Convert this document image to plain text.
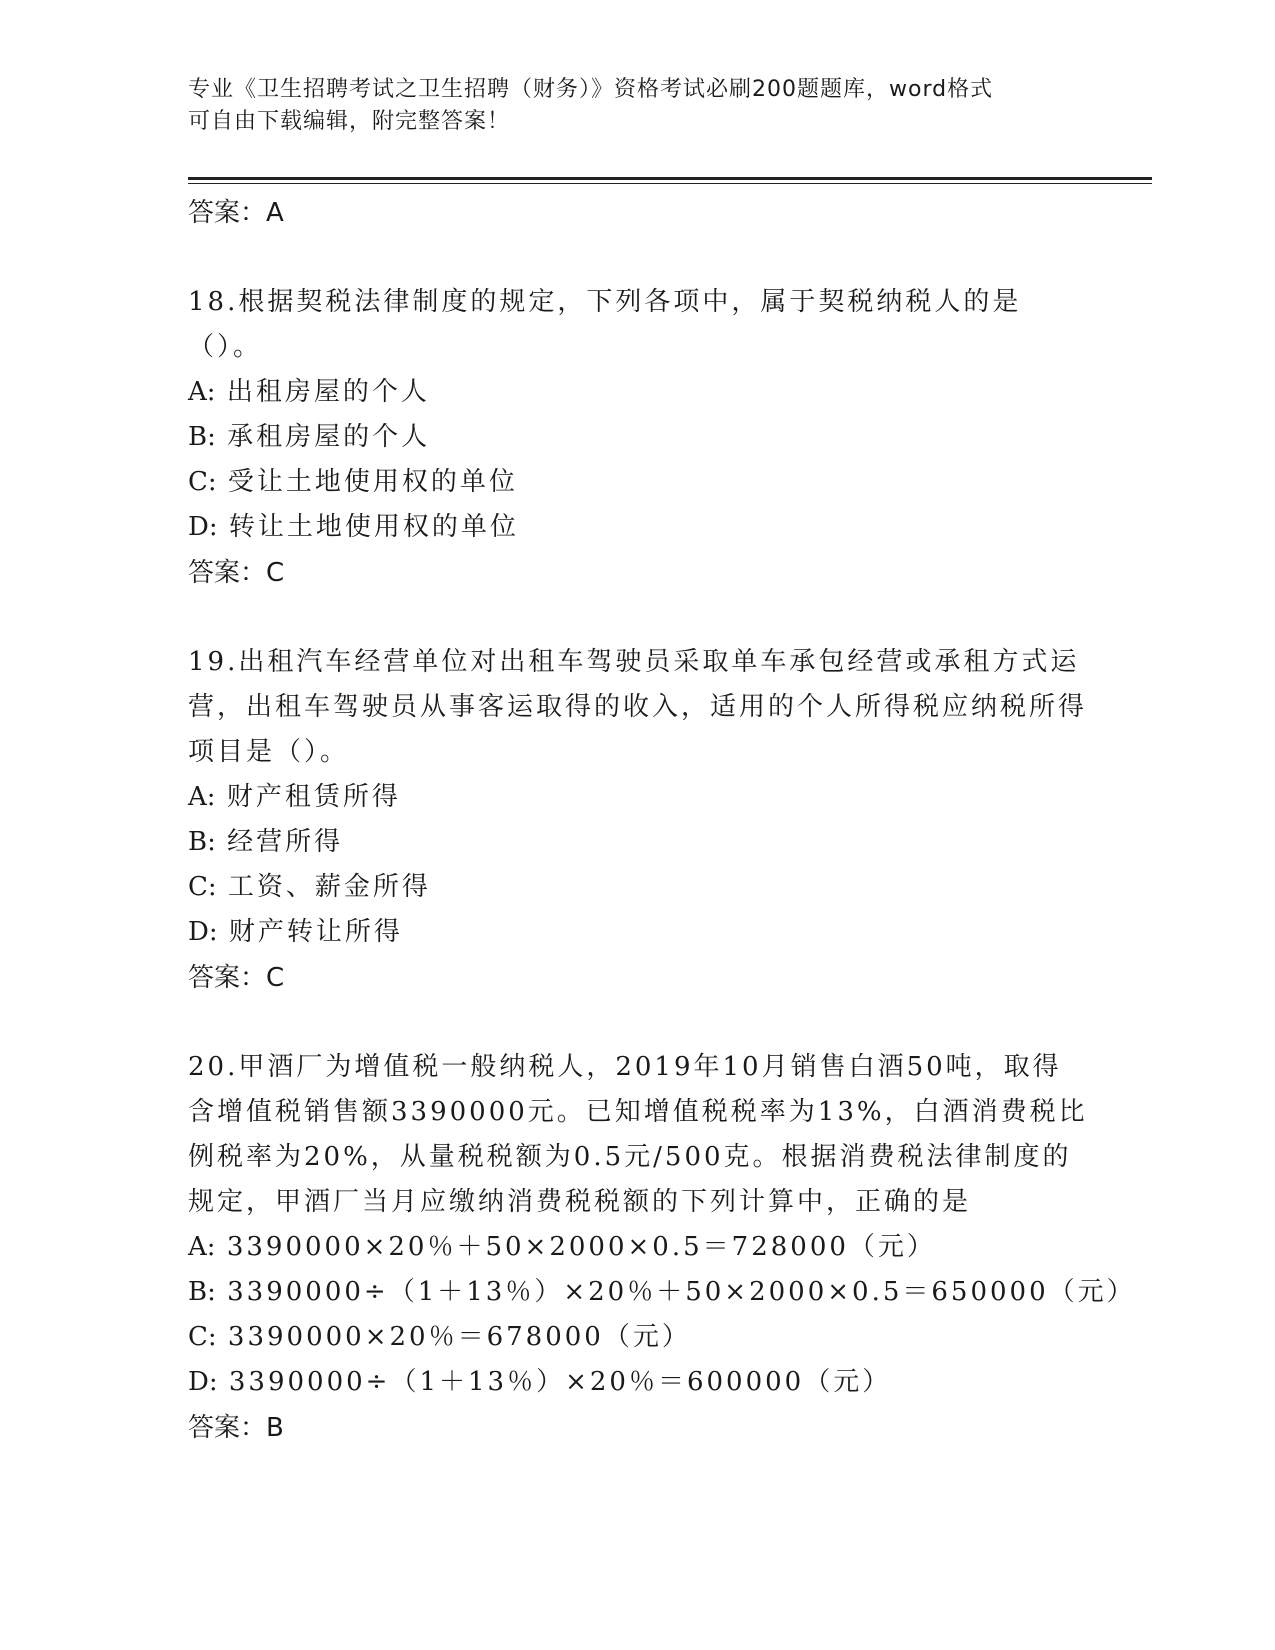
专业《卫生招聘考试之卫生招聘（财务）》资格考试必刷200题题库，word格式
可自由下载编辑，附完整答案！
答案：A
18.根据契税法律制度的规定，下列各项中，属于契税纳税人的是（）。
A: 出租房屋的个人
B: 承租房屋的个人
C: 受让土地使用权的单位
D: 转让土地使用权的单位
答案：C
19.出租汽车经营单位对出租车驾驶员采取单车承包经营或承租方式运营，出租车驾驶员从事客运取得的收入，适用的个人所得税应纳税所得项目是（）。
A: 财产租赁所得
B: 经营所得
C: 工资、薪金所得
D: 财产转让所得
答案：C
20.甲酒厂为增值税一般纳税人，2019年10月销售白酒50吨，取得含增值税销售额3390000元。已知增值税税率为13%，白酒消费税比例税率为20%，从量税税额为0.5元/500克。根据消费税法律制度的规定，甲酒厂当月应缴纳消费税税额的下列计算中，正确的是
A: 3390000×20％＋50×2000×0.5＝728000（元）
B: 3390000÷（1＋13％）×20％＋50×2000×0.5＝650000（元）
C: 3390000×20％＝678000（元）
D: 3390000÷（1＋13％）×20％＝600000（元）
答案：B
